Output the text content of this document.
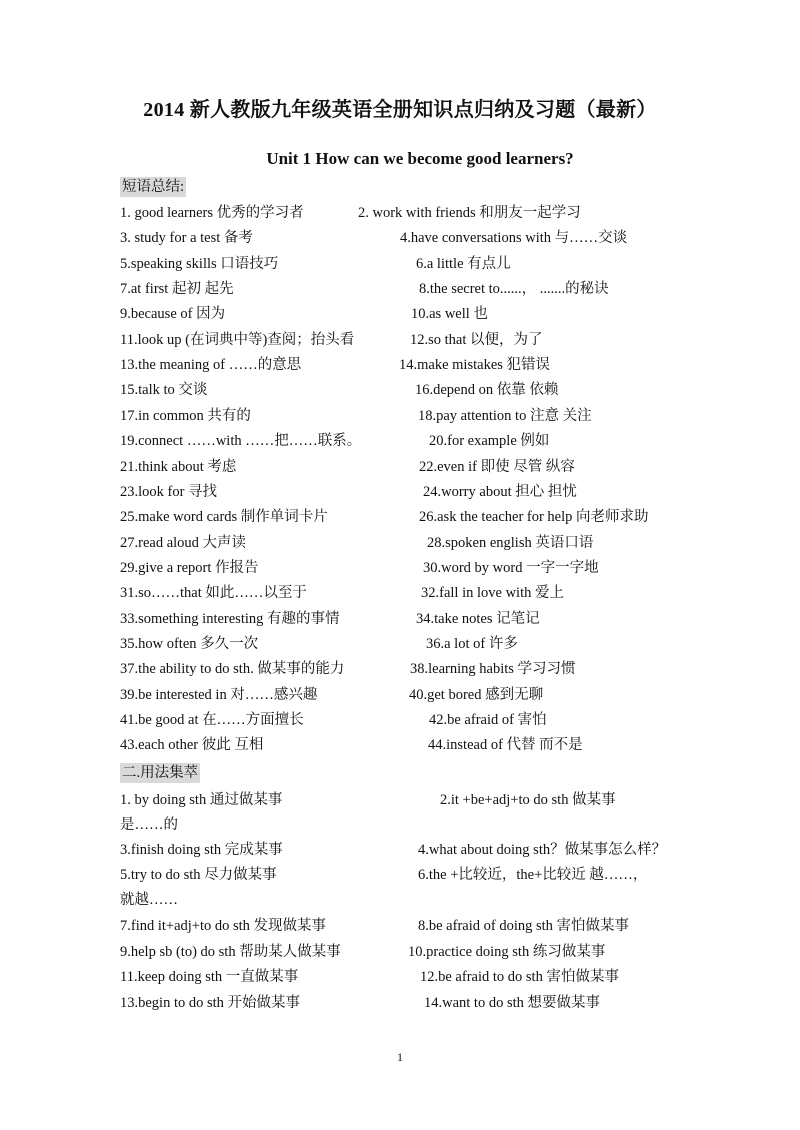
2014 新人教版九年级英语全册知识点归纳及习题（最新）
Unit 1 How can we become good learners?
短语总结:
1. good learners 优秀的学习者	2. work with friends 和朋友一起学习
3. study for a test 备考	4.have conversations with 与……交谈
5.speaking skills 口语技巧	6.a little 有点儿
7.at first 起初 起先	8.the secret to......， .......的秘诀
9.because of 因为	10.as well 也
11.look up (在词典中等)查阅；抬头看	12.so that 以便，为了
13.the meaning of ……的意思	14.make mistakes 犯错误
15.talk to 交谈	16.depend on 依靠 依赖
17.in common 共有的	18.pay attention to 注意 关注
19.connect ……with ……把……联系。	20.for example 例如
21.think about 考虑	22.even if 即使 尽管 纵容
23.look for 寻找	24.worry about 担心 担忧
25.make word cards 制作单词卡片	26.ask the teacher for help 向老师求助
27.read aloud 大声读	28.spoken english 英语口语
29.give a report 作报告	30.word by word 一字一字地
31.so……that 如此……以至于	32.fall in love with 爱上
33.something interesting 有趣的事情	34.take notes 记笔记
35.how often 多久一次	36.a lot of 许多
37.the ability to do sth. 做某事的能力	38.learning habits 学习习惯
39.be interested in 对……感兴趣	40.get bored 感到无聊
41.be good at 在……方面擅长	42.be afraid of 害怕
43.each other 彼此 互相	44.instead of 代替 而不是
二.用法集萃
1. by doing sth 通过做某事	2.it +be+adj+to do sth 做某事
是……的
3.finish doing sth 完成某事	4.what about doing sth？做某事怎么样？
5.try to do sth 尽力做某事	6.the +比较近，the+比较近 越……，
就越……
7.find it+adj+to do sth 发现做某事	8.be afraid of doing sth 害怕做某事
9.help sb (to) do sth 帮助某人做某事	10.practice doing sth 练习做某事
11.keep doing sth 一直做某事	12.be afraid to do sth 害怕做某事
13.begin to do sth 开始做某事	14.want to do sth 想要做某事
1
